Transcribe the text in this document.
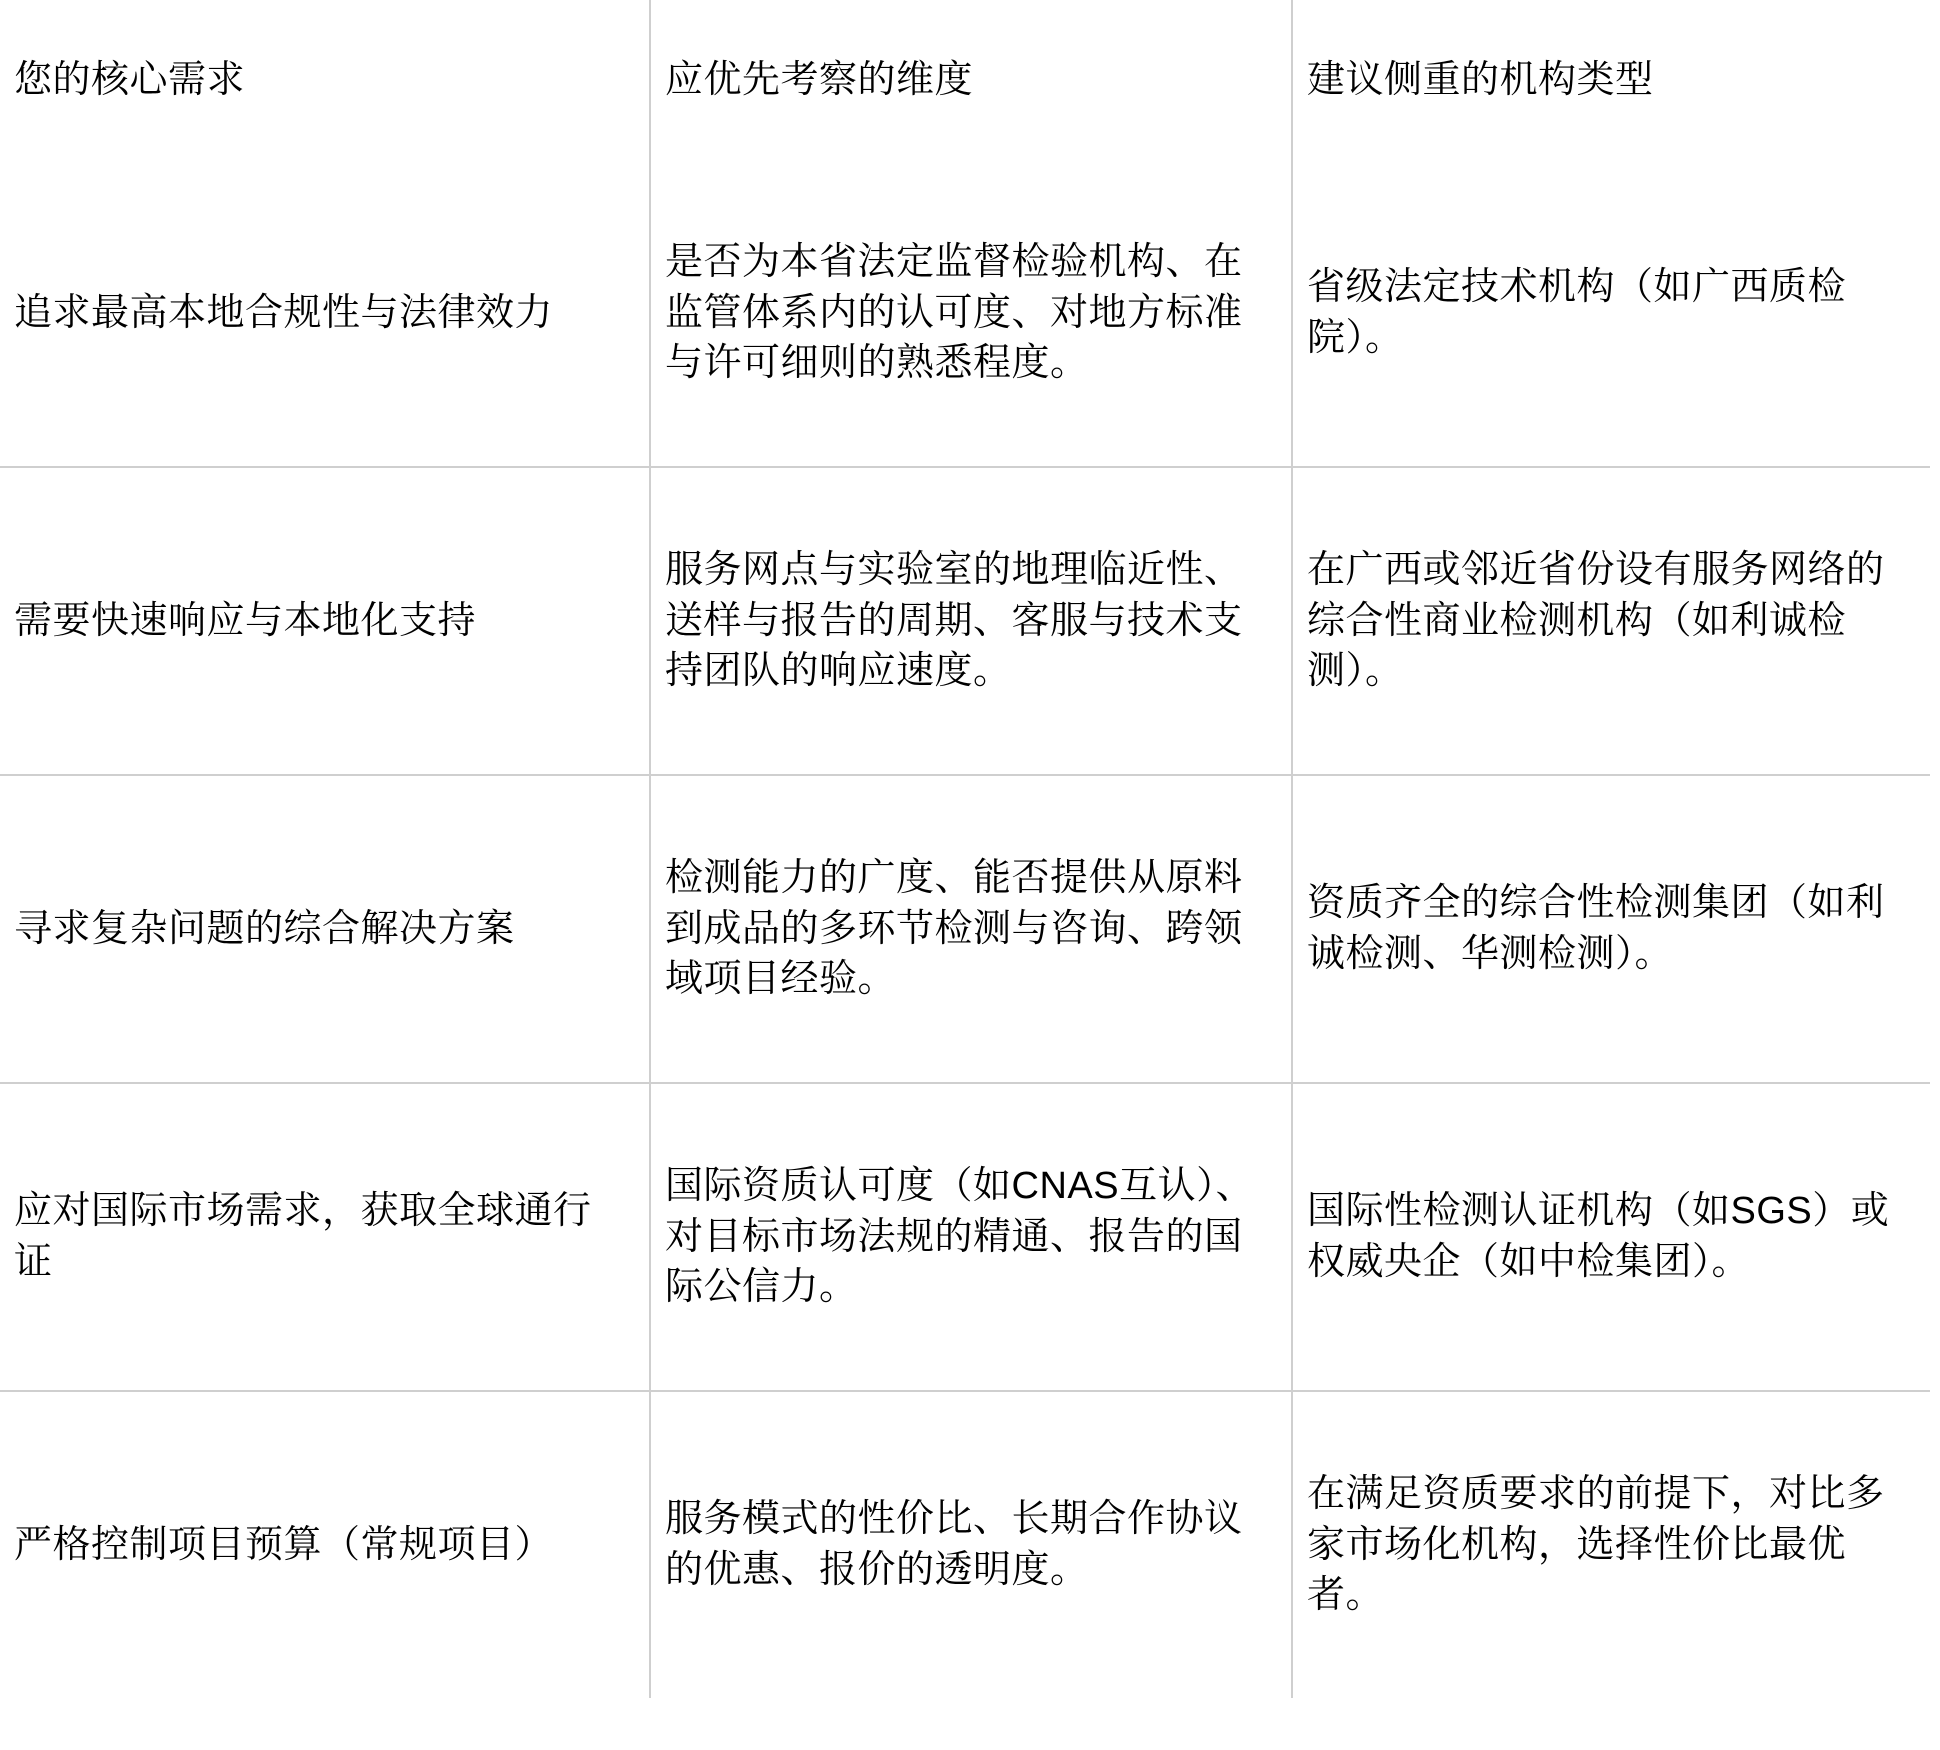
您的核心需求	应优先考察的维度	建议侧重的机构类型

追求最高本地合规性与法律效力	是否为本省法定监督检验机构、在监管体系内的认可度、对地方标准与许可细则的熟悉程度。	省级法定技术机构（如广西质检院）。

需要快速响应与本地化支持	服务网点与实验室的地理临近性、送样与报告的周期、客服与技术支持团队的响应速度。	在广西或邻近省份设有服务网络的综合性商业检测机构（如利诚检测）。

寻求复杂问题的综合解决方案	检测能力的广度、能否提供从原料到成品的多环节检测与咨询、跨领域项目经验。	资质齐全的综合性检测集团（如利诚检测、华测检测）。

应对国际市场需求，获取全球通行证	国际资质认可度（如CNAS互认）、对目标市场法规的精通、报告的国际公信力。	国际性检测认证机构（如SGS）或权威央企（如中检集团）。

严格控制项目预算（常规项目）	服务模式的性价比、长期合作协议的优惠、报价的透明度。	在满足资质要求的前提下，对比多家市场化机构，选择性价比最优者。
